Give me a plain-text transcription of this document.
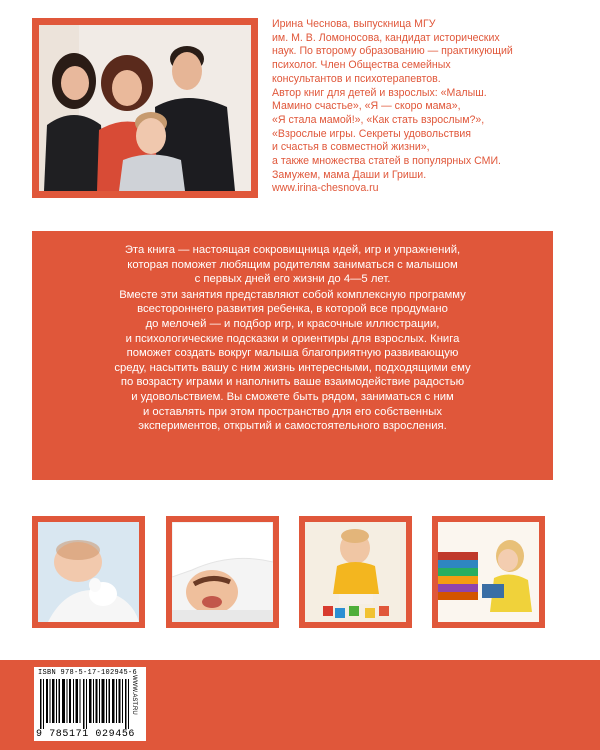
Ирина Чеснова, выпускница МГУ
им. М. В. Ломоносова, кандидат исторических
наук. По второму образованию — практикующий
психолог. Член Общества семейных
консультантов и психотерапевтов.
Автор книг для детей и взрослых: «Малыш.
Мамино счастье», «Я — скоро мама»,
«Я стала мамой!», «Как стать взрослым?»,
«Взрослые игры. Секреты удовольствия
и счастья в совместной жизни»,
а также множества статей в популярных СМИ.
Замужем, мама Даши и Гриши.
www.irina-chesnova.ru

Эта книга — настоящая сокровищница идей, игр и упражнений,
которая поможет любящим родителям заниматься с малышом
с первых дней его жизни до 4—5 лет.

Вместе эти занятия представляют собой комплексную программу
всестороннего развития ребенка, в которой все продумано
до мелочей — и подбор игр, и красочные иллюстрации,
и психологические подсказки и ориентиры для взрослых. Книга
поможет создать вокруг малыша благоприятную развивающую
среду, насытить вашу с ним жизнь интересными, подходящими ему
по возрасту играми и наполнить ваше взаимодействие радостью
и удовольствием. Вы сможете быть рядом, заниматься с ним
и оставлять при этом пространство для его собственных
экспериментов, открытий и самостоятельного взросления.

ISBN 978-5-17-102945-6
9 785171 029456
WWW.AST.RU
